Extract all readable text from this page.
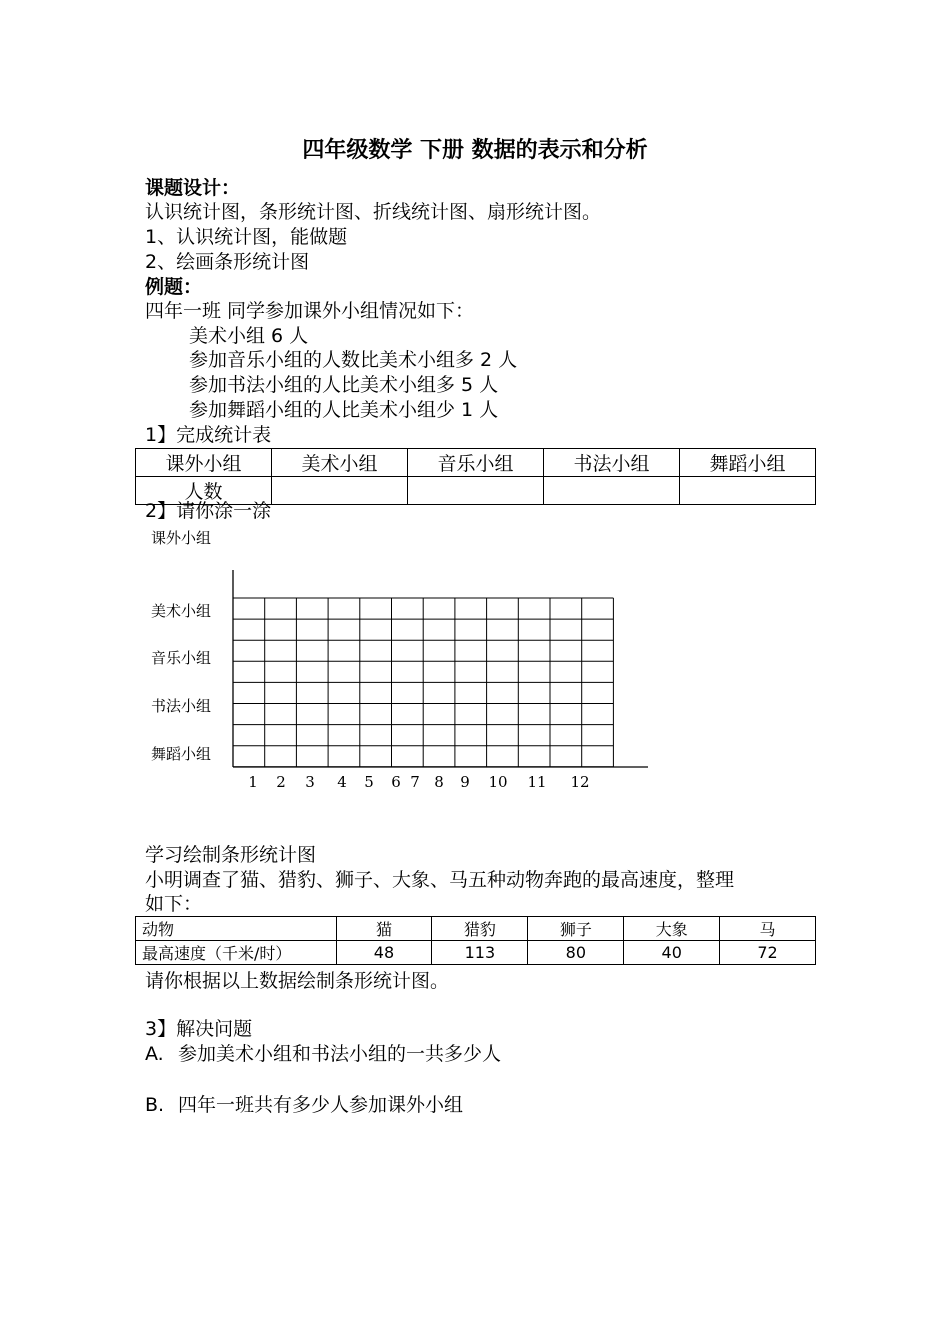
四年级数学 下册 数据的表示和分析
课题设计：
认识统计图，条形统计图、折线统计图、扇形统计图。
1、认识统计图，能做题
2、绘画条形统计图
例题：
四年一班 同学参加课外小组情况如下：
美术小组 6 人
参加音乐小组的人数比美术小组多 2 人
参加书法小组的人比美术小组多 5 人
参加舞蹈小组的人比美术小组少 1 人
1】完成统计表
课外小组	美术小组	音乐小组	书法小组	舞蹈小组
人数				
2】请你涂一涂
课外小组
美术小组
音乐小组
书法小组
舞蹈小组
1 2 3 4 5 6 7 8 9 10 11 12
学习绘制条形统计图
小明调查了猫、猎豹、狮子、大象、马五种动物奔跑的最高速度，整理
如下：
动物	猫	猎豹	狮子	大象	马
最高速度（千米/时）	48	113	80	40	72
请你根据以上数据绘制条形统计图。
3】解决问题
A. 参加美术小组和书法小组的一共多少人
B. 四年一班共有多少人参加课外小组
